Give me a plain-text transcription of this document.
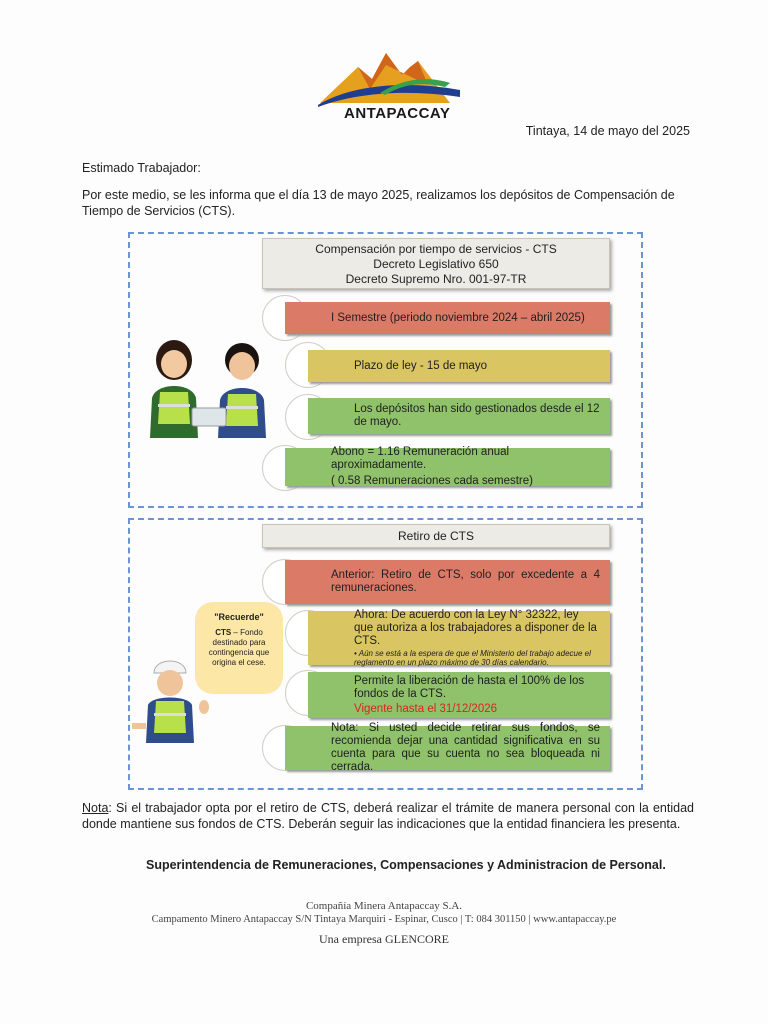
ANTAPACCAY
Tintaya, 14 de mayo del 2025
Estimado Trabajador:
Por este medio, se les informa que el día 13 de mayo 2025, realizamos los depósitos de Compensación de Tiempo de Servicios (CTS).
Compensación por tiempo de servicios - CTS
Decreto Legislativo 650
Decreto Supremo Nro. 001-97-TR
I Semestre (periodo noviembre 2024 – abril 2025)
Plazo de ley - 15 de mayo
Los depósitos han sido gestionados desde el 12 de mayo.
Abono = 1.16 Remuneración anual aproximadamente.
( 0.58 Remuneraciones cada semestre)
Retiro de CTS
"Recuerde"
CTS – Fondo destinado para contingencia que origina el cese.
Anterior: Retiro de CTS, solo por excedente a 4 remuneraciones.
Ahora: De acuerdo con la Ley N° 32322, ley que autoriza a los trabajadores a disponer de la CTS.
• Aún se está a la espera de que el Ministerio del trabajo adecue el reglamento en un plazo máximo de 30 días calendario.
Permite la liberación de hasta el 100% de los fondos de la CTS.
Vigente hasta el 31/12/2026
Nota: Si usted decide retirar sus fondos, se recomienda dejar una cantidad significativa en su cuenta para que su cuenta no sea bloqueada ni cerrada.
Nota: Si el trabajador opta por el retiro de CTS, deberá realizar el trámite de manera personal con la entidad donde mantiene sus fondos de CTS. Deberán seguir las indicaciones que la entidad financiera les presenta.
Superintendencia de Remuneraciones, Compensaciones y Administracion de Personal.
Compañía Minera Antapaccay S.A.
Campamento Minero Antapaccay S/N Tintaya Marquiri - Espinar, Cusco | T: 084 301150 | www.antapaccay.pe
Una empresa GLENCORE
